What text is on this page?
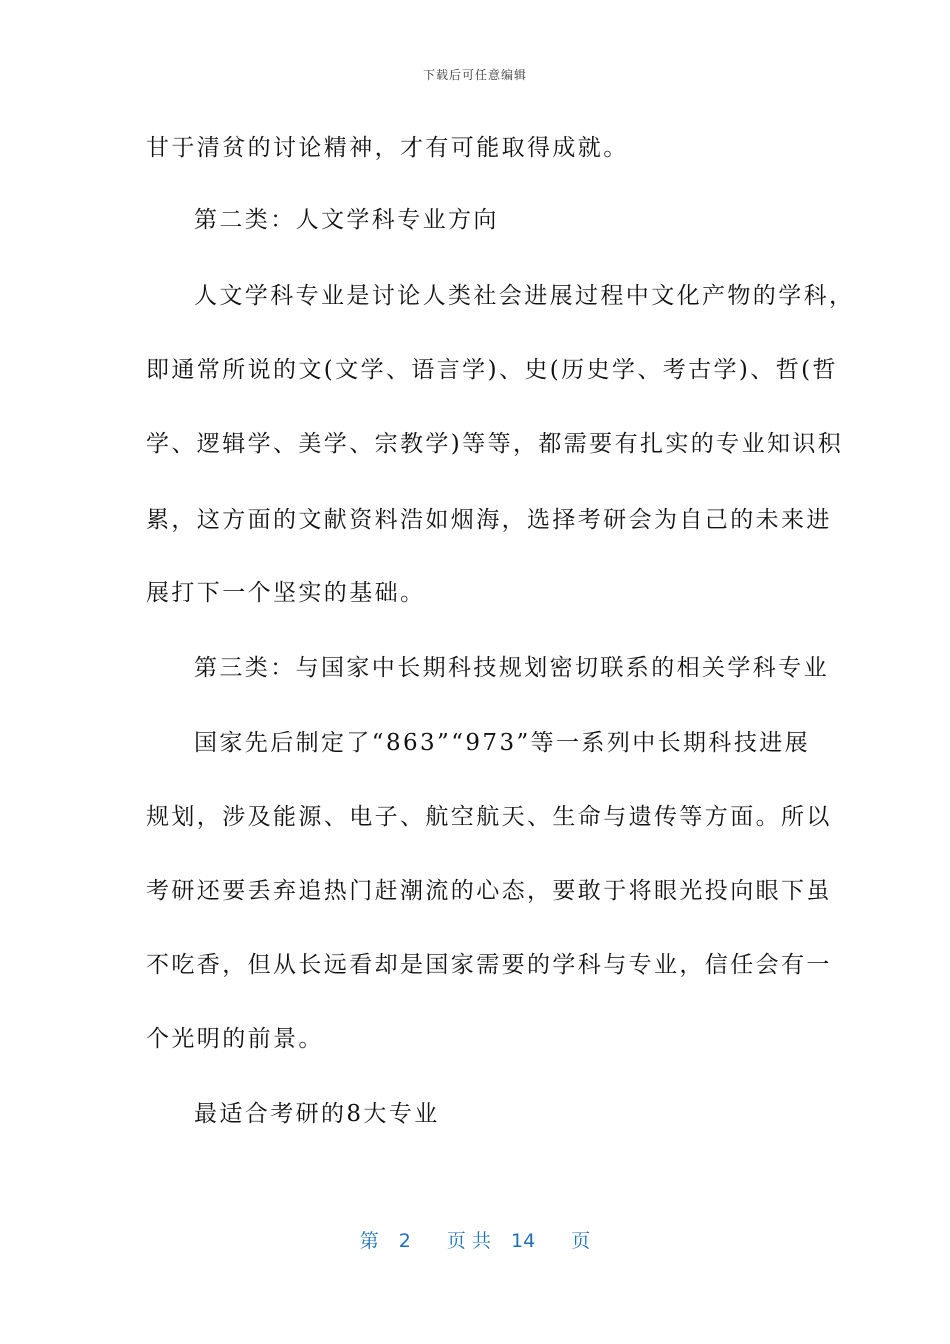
下载后可任意编辑
甘于清贫的讨论精神，才有可能取得成就。
第二类：人文学科专业方向
人文学科专业是讨论人类社会进展过程中文化产物的学科，
即通常所说的文(文学、语言学)、史(历史学、考古学)、哲(哲
学、逻辑学、美学、宗教学)等等，都需要有扎实的专业知识积
累，这方面的文献资料浩如烟海，选择考研会为自己的未来进
展打下一个坚实的基础。
第三类：与国家中长期科技规划密切联系的相关学科专业
国家先后制定了“863”“973”等一系列中长期科技进展
规划，涉及能源、电子、航空航天、生命与遗传等方面。所以
考研还要丢弃追热门赶潮流的心态，要敢于将眼光投向眼下虽
不吃香，但从长远看却是国家需要的学科与专业，信任会有一
个光明的前景。
最适合考研的8大专业
第 2 页 共 14 页
